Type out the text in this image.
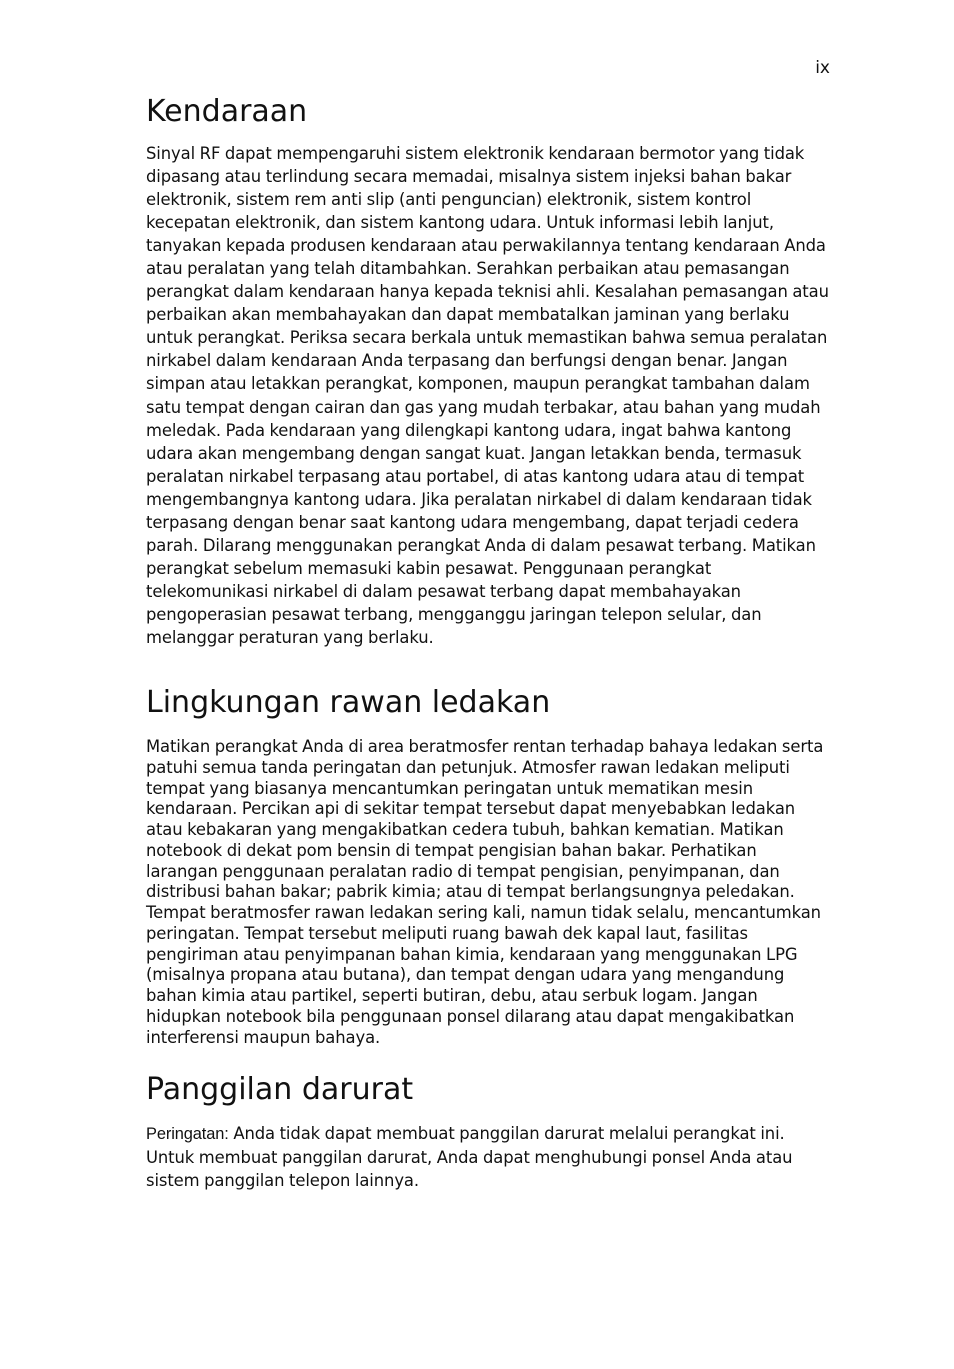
ix
Kendaraan

Sinyal RF dapat mempengaruhi sistem elektronik kendaraan bermotor yang tidak dipasang atau terlindung secara memadai, misalnya sistem injeksi bahan bakar elektronik, sistem rem anti slip (anti penguncian) elektronik, sistem kontrol kecepatan elektronik, dan sistem kantong udara. Untuk informasi lebih lanjut, tanyakan kepada produsen kendaraan atau perwakilannya tentang kendaraan Anda atau peralatan yang telah ditambahkan. Serahkan perbaikan atau pemasangan perangkat dalam kendaraan hanya kepada teknisi ahli. Kesalahan pemasangan atau perbaikan akan membahayakan dan dapat membatalkan jaminan yang berlaku untuk perangkat. Periksa secara berkala untuk memastikan bahwa semua peralatan nirkabel dalam kendaraan Anda terpasang dan berfungsi dengan benar. Jangan simpan atau letakkan perangkat, komponen, maupun perangkat tambahan dalam satu tempat dengan cairan dan gas yang mudah terbakar, atau bahan yang mudah meledak. Pada kendaraan yang dilengkapi kantong udara, ingat bahwa kantong udara akan mengembang dengan sangat kuat. Jangan letakkan benda, termasuk peralatan nirkabel terpasang atau portabel, di atas kantong udara atau di tempat mengembangnya kantong udara. Jika peralatan nirkabel di dalam kendaraan tidak terpasang dengan benar saat kantong udara mengembang, dapat terjadi cedera parah. Dilarang menggunakan perangkat Anda di dalam pesawat terbang. Matikan perangkat sebelum memasuki kabin pesawat. Penggunaan perangkat telekomunikasi nirkabel di dalam pesawat terbang dapat membahayakan pengoperasian pesawat terbang, mengganggu jaringan telepon selular, dan melanggar peraturan yang berlaku.

Lingkungan rawan ledakan

Matikan perangkat Anda di area beratmosfer rentan terhadap bahaya ledakan serta patuhi semua tanda peringatan dan petunjuk. Atmosfer rawan ledakan meliputi tempat yang biasanya mencantumkan peringatan untuk mematikan mesin kendaraan. Percikan api di sekitar tempat tersebut dapat menyebabkan ledakan atau kebakaran yang mengakibatkan cedera tubuh, bahkan kematian. Matikan notebook di dekat pom bensin di tempat pengisian bahan bakar. Perhatikan larangan penggunaan peralatan radio di tempat pengisian, penyimpanan, dan distribusi bahan bakar; pabrik kimia; atau di tempat berlangsungnya peledakan. Tempat beratmosfer rawan ledakan sering kali, namun tidak selalu, mencantumkan peringatan. Tempat tersebut meliputi ruang bawah dek kapal laut, fasilitas pengiriman atau penyimpanan bahan kimia, kendaraan yang menggunakan LPG (misalnya propana atau butana), dan tempat dengan udara yang mengandung bahan kimia atau partikel, seperti butiran, debu, atau serbuk logam. Jangan hidupkan notebook bila penggunaan ponsel dilarang atau dapat mengakibatkan interferensi maupun bahaya.

Panggilan darurat

Peringatan: Anda tidak dapat membuat panggilan darurat melalui perangkat ini. Untuk membuat panggilan darurat, Anda dapat menghubungi ponsel Anda atau sistem panggilan telepon lainnya.
